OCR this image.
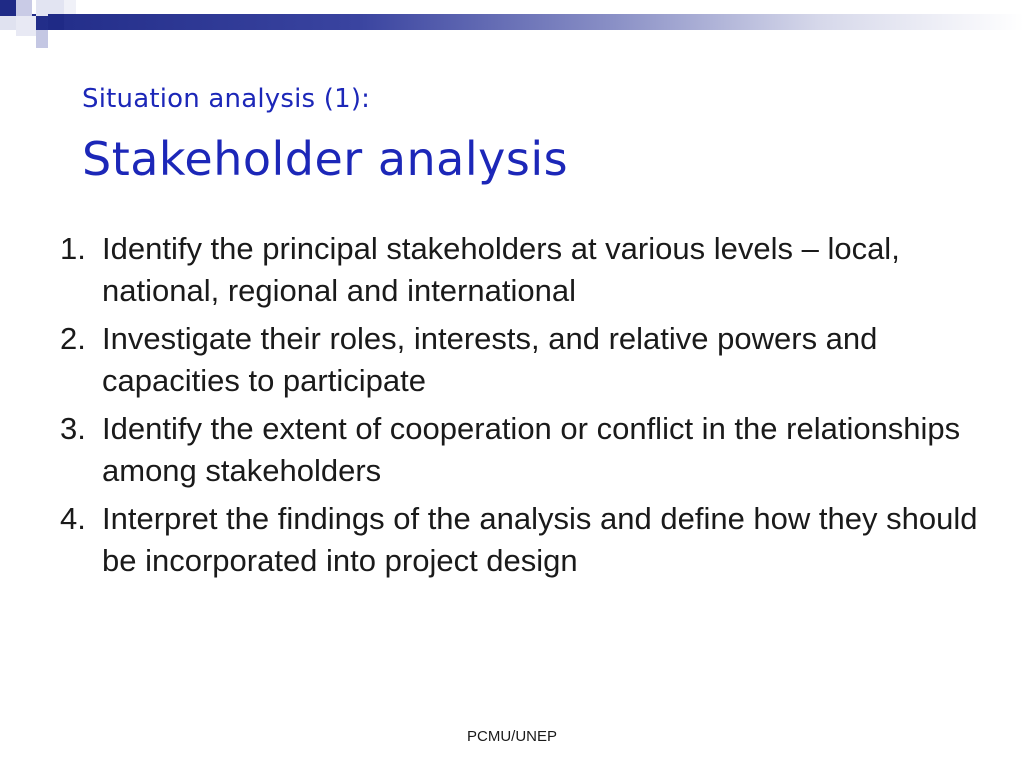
Situation analysis (1):
Stakeholder analysis
1. Identify the principal stakeholders at various levels – local, national, regional and international
2. Investigate their roles, interests, and relative powers and capacities to participate
3. Identify the extent of cooperation or conflict in the relationships among stakeholders
4. Interpret the findings of the analysis and define how they should be incorporated into project design
PCMU/UNEP
